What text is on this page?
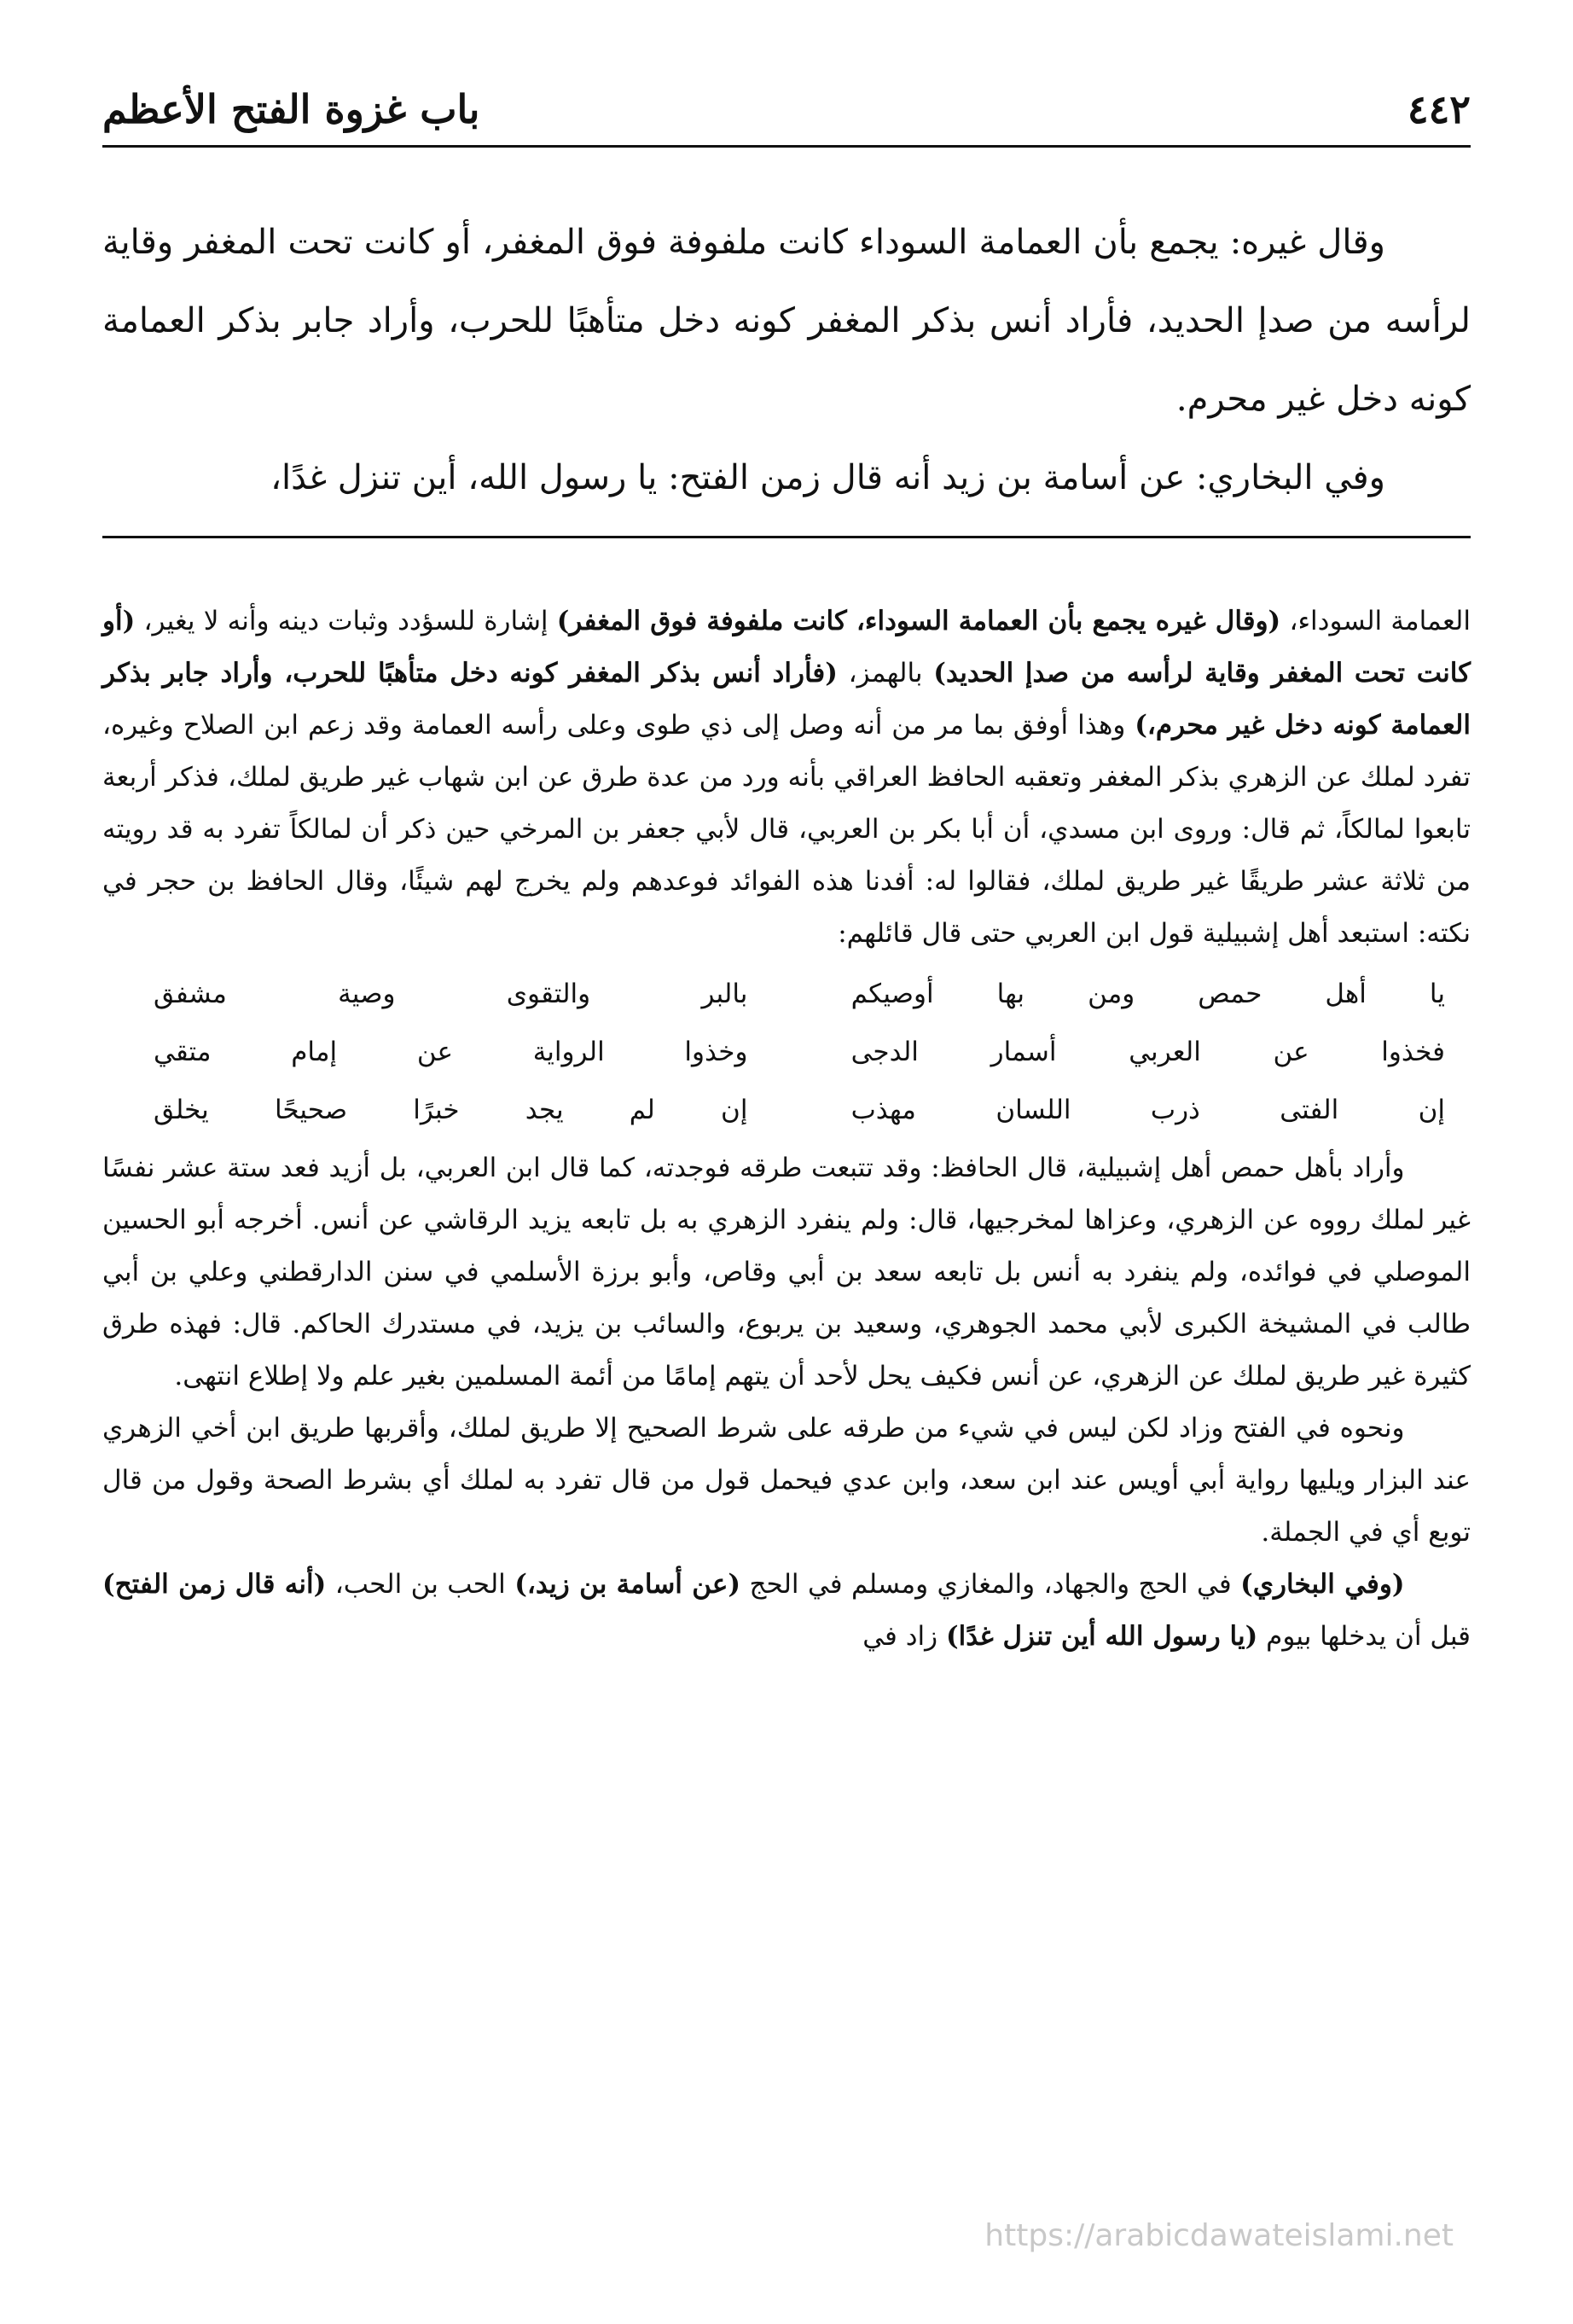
٤٤٢
باب غزوة الفتح الأعظم

وقال غيره: يجمع بأن العمامة السوداء كانت ملفوفة فوق المغفر، أو كانت تحت المغفر وقاية لرأسه من صدإ الحديد، فأراد أنس بذكر المغفر كونه دخل متأهبًا للحرب، وأراد جابر بذكر العمامة كونه دخل غير محرم.

وفي البخاري: عن أسامة بن زيد أنه قال زمن الفتح: يا رسول الله، أين تنزل غدًا،

العمامة السوداء، (وقال غيره يجمع بأن العمامة السوداء، كانت ملفوفة فوق المغفر) إشارة للسؤدد وثبات دينه وأنه لا يغير، (أو كانت تحت المغفر وقاية لرأسه من صدإ الحديد) بالهمز، (فأراد أنس بذكر المغفر كونه دخل متأهبًا للحرب، وأراد جابر بذكر العمامة كونه دخل غير محرم،) وهذا أوفق بما مر من أنه وصل إلى ذي طوى وعلى رأسه العمامة وقد زعم ابن الصلاح وغيره، تفرد لملك عن الزهري بذكر المغفر وتعقبه الحافظ العراقي بأنه ورد من عدة طرق عن ابن شهاب غير طريق لملك، فذكر أربعة تابعوا لمالكاً، ثم قال: وروى ابن مسدي، أن أبا بكر بن العربي، قال لأبي جعفر بن المرخي حين ذكر أن لمالكاً تفرد به قد رويته من ثلاثة عشر طريقًا غير طريق لملك، فقالوا له: أفدنا هذه الفوائد فوعدهم ولم يخرج لهم شيئًا، وقال الحافظ بن حجر في نكته: استبعد أهل إشبيلية قول ابن العربي حتى قال قائلهم:

يا أهل حمص ومن بها أوصيكم
بالبر والتقوى وصية مشفق
فخذوا عن العربي أسمار الدجى
وخذوا الرواية عن إمام متقي
إن الفتى ذرب اللسان مهذب
إن لم يجد خبرًا صحيحًا يخلق

وأراد بأهل حمص أهل إشبيلية، قال الحافظ: وقد تتبعت طرقه فوجدته، كما قال ابن العربي، بل أزيد فعد ستة عشر نفسًا غير لملك رووه عن الزهري، وعزاها لمخرجيها، قال: ولم ينفرد الزهري به بل تابعه يزيد الرقاشي عن أنس. أخرجه أبو الحسين الموصلي في فوائده، ولم ينفرد به أنس بل تابعه سعد بن أبي وقاص، وأبو برزة الأسلمي في سنن الدارقطني وعلي بن أبي طالب في المشيخة الكبرى لأبي محمد الجوهري، وسعيد بن يربوع، والسائب بن يزيد، في مستدرك الحاكم. قال: فهذه طرق كثيرة غير طريق لملك عن الزهري، عن أنس فكيف يحل لأحد أن يتهم إمامًا من أئمة المسلمين بغير علم ولا إطلاع انتهى.

ونحوه في الفتح وزاد لكن ليس في شيء من طرقه على شرط الصحيح إلا طريق لملك، وأقربها طريق ابن أخي الزهري عند البزار ويليها رواية أبي أويس عند ابن سعد، وابن عدي فيحمل قول من قال تفرد به لملك أي بشرط الصحة وقول من قال توبع أي في الجملة.

(وفي البخاري) في الحج والجهاد، والمغازي ومسلم في الحج (عن أسامة بن زيد،) الحب بن الحب، (أنه قال زمن الفتح) قبل أن يدخلها بيوم (يا رسول الله أين تنزل غدًا) زاد في

https://arabicdawateislami.net
